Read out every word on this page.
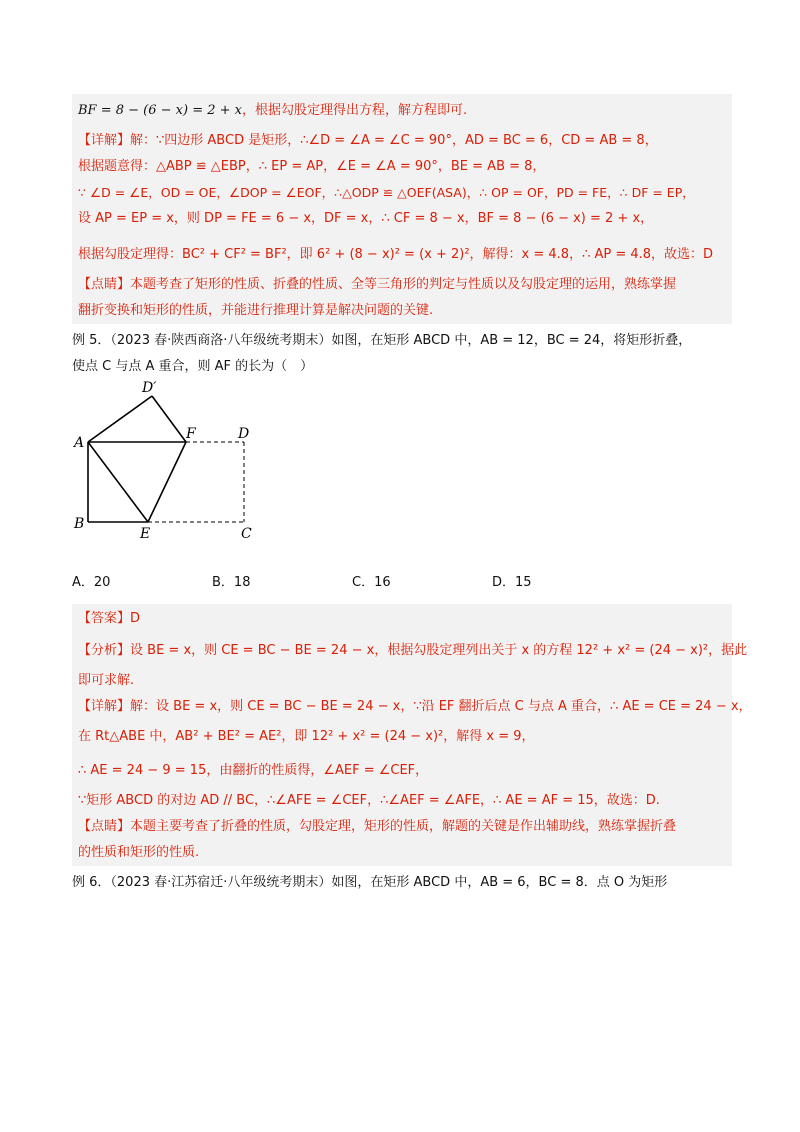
BF = 8 − (6 − x) = 2 + x，根据勾股定理得出方程，解方程即可.
【详解】解：∵四边形 ABCD 是矩形，∴∠D = ∠A = ∠C = 90°，AD = BC = 6，CD = AB = 8，
根据题意得：△ABP ≌ △EBP，∴ EP = AP，∠E = ∠A = 90°，BE = AB = 8，
∵ ∠D = ∠E，OD = OE，∠DOP = ∠EOF，∴△ODP ≌ △OEF(ASA)，∴ OP = OF，PD = FE，∴ DF = EP，
设 AP = EP = x，则 DP = FE = 6 − x，DF = x，∴ CF = 8 − x，BF = 8 − (6 − x) = 2 + x，
根据勾股定理得：BC² + CF² = BF²，即 6² + (8 − x)² = (x + 2)²，解得：x = 4.8，∴ AP = 4.8，故选：D
【点睛】本题考查了矩形的性质、折叠的性质、全等三角形的判定与性质以及勾股定理的运用，熟练掌握
翻折变换和矩形的性质，并能进行推理计算是解决问题的关键.
例 5．（2023 春·陕西商洛·八年级统考期末）如图，在矩形 ABCD 中，AB = 12，BC = 24，将矩形折叠，
使点 C 与点 A 重合，则 AF 的长为（　）
D′
A
F	D
B
E	C
A．20	B．18	C．16	D．15
【答案】D
【分析】设 BE = x，则 CE = BC − BE = 24 − x，根据勾股定理列出关于 x 的方程 12² + x² = (24 − x)²，据此
即可求解.
【详解】解：设 BE = x，则 CE = BC − BE = 24 − x，∵沿 EF 翻折后点 C 与点 A 重合，∴ AE = CE = 24 − x，
在 Rt△ABE 中，AB² + BE² = AE²，即 12² + x² = (24 − x)²，解得 x = 9，
∴ AE = 24 − 9 = 15，由翻折的性质得，∠AEF = ∠CEF，
∵矩形 ABCD 的对边 AD // BC，∴∠AFE = ∠CEF，∴∠AEF = ∠AFE，∴ AE = AF = 15，故选：D.
【点睛】本题主要考查了折叠的性质，勾股定理，矩形的性质，解题的关键是作出辅助线，熟练掌握折叠
的性质和矩形的性质.
例 6．（2023 春·江苏宿迁·八年级统考期末）如图，在矩形 ABCD 中，AB = 6，BC = 8．点 O 为矩形
